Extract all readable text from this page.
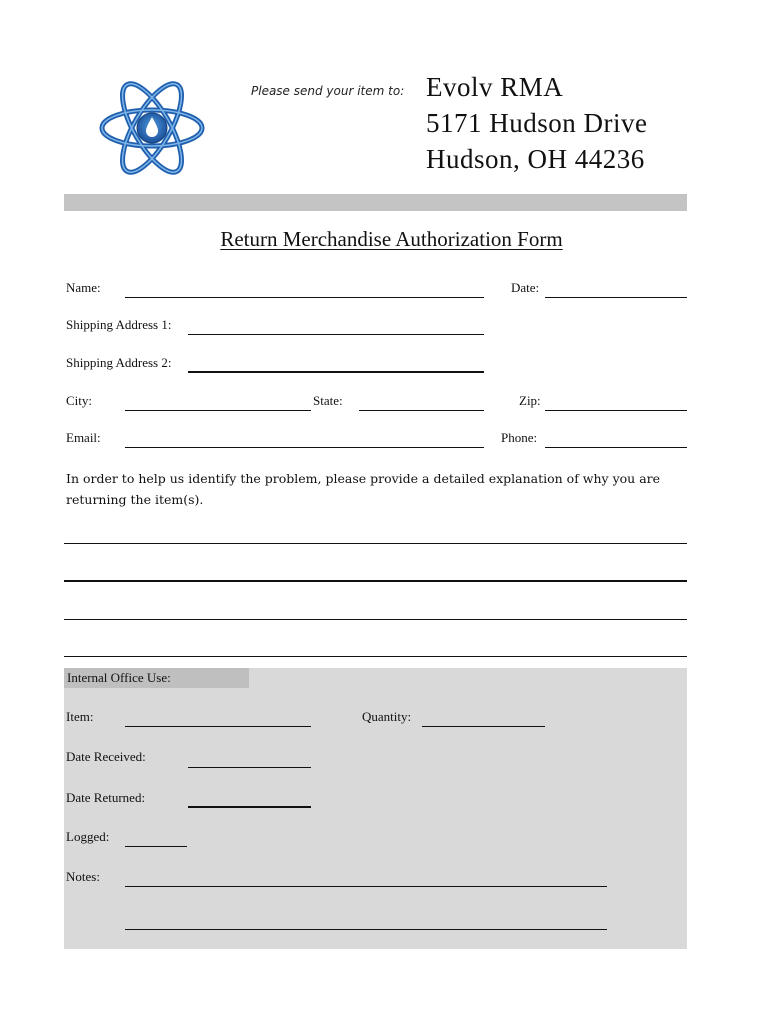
Please send your item to: Evolv RMA
5171 Hudson Drive
Hudson, OH 44236
Return Merchandise Authorization Form
Name:	Date:
Shipping Address 1:
Shipping Address 2:
City:	State:	Zip:
Email:	Phone:
In order to help us identify the problem, please provide a detailed explanation of why you are returning the item(s).
Internal Office Use:
Item:	Quantity:
Date Received:
Date Returned:
Logged:
Notes:
